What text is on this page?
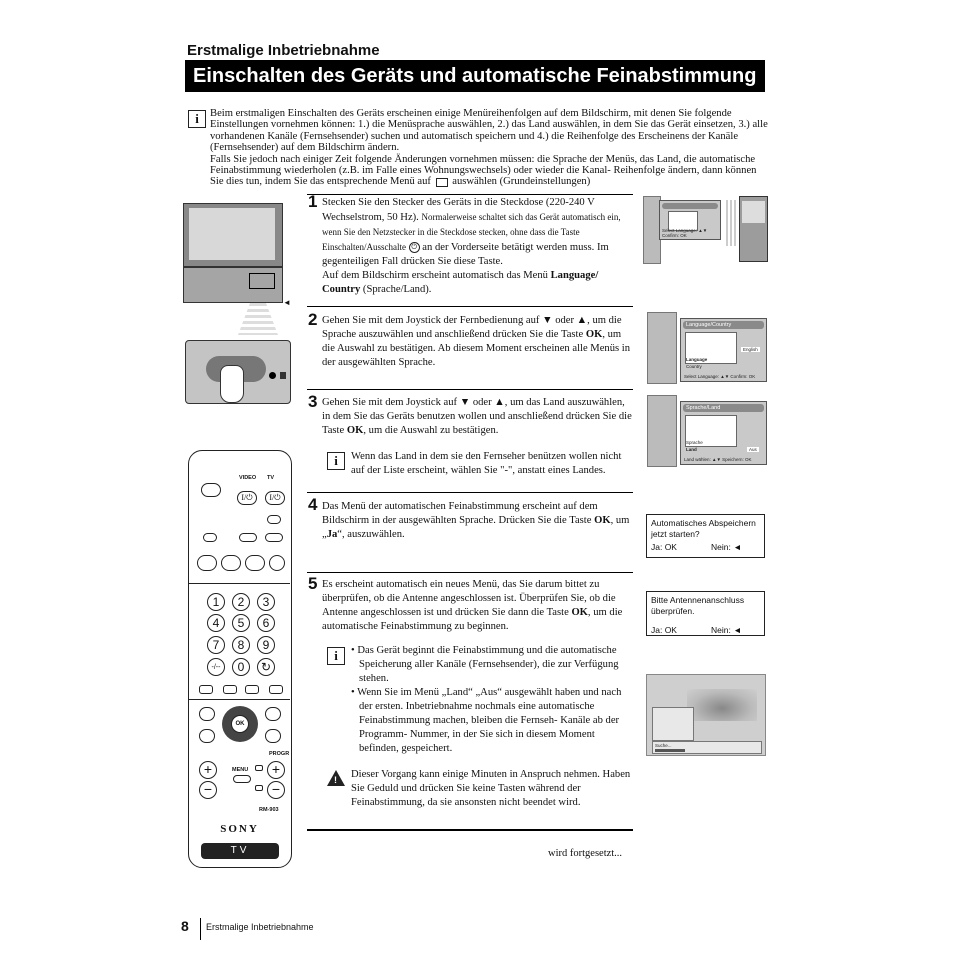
Erstmalige Inbetriebnahme
Einschalten des Geräts und automatische Feinabstimmung
i	Beim erstmaligen Einschalten des Geräts erscheinen einige Menüreihenfolgen auf dem Bildschirm, mit denen Sie folgende Einstellungen vornehmen können: 1.) die Menüsprache auswählen, 2.) das Land auswählen, in dem Sie das Gerät einsetzen, 3.) alle vorhandenen Kanäle (Fernsehsender) suchen und automatisch speichern und 4.) die Reihenfolge des Erscheinens der Kanäle (Fernsehsender) auf dem Bildschirm ändern.

Falls Sie jedoch nach einiger Zeit folgende Änderungen vornehmen müssen: die Sprache der Menüs, das Land, die automatische Feinabstimmung wiederholen (z.B. im Falle eines Wohnungswechsels) oder wieder die Kanal- Reihenfolge ändern, dann können Sie dies tun, indem Sie das entsprechende Menü auf auswählen (Grundeinstellungen)

◄
1 Stecken Sie den Stecker des Geräts in die Steckdose (220-240 V Wechselstrom, 50 Hz). Normalerweise schaltet sich das Gerät automatisch ein, wenn Sie den Netzstecker in die Steckdose stecken, ohne dass die Taste Einschalten/Ausschalte ⏻ an der Vorderseite betätigt werden muss. Im gegenteiligen Fall drücken Sie diese Taste.
Auf dem Bildschirm erscheint automatisch das Menü Language/ Country (Sprache/Land).
Select Language: ▲▼ Confirm: OK
2 Gehen Sie mit dem Joystick der Fernbedienung auf ▼ oder ▲, um die Sprache auszuwählen und anschließend drücken Sie die Taste OK, um die Auswahl zu bestätigen. Ab diesem Moment erscheinen alle Menüs in der ausgewählten Sprache.
Language/Country
Language
Country
English
Select Language: ▲▼ Confirm: OK
3 Gehen Sie mit dem Joystick auf ▼ oder ▲, um das Land auszuwählen, in dem Sie das Geräts benutzen wollen und anschließend drücken Sie die Taste OK, um die Auswahl zu bestätigen.
i	Wenn das Land in dem sie den Fernseher benützen wollen nicht auf der Liste erscheint, wählen Sie "-", anstatt eines Landes.
Sprache/Land
Sprache
Land	Aus
Land wählen: ▲▼ Speichern: OK
4 Das Menü der automatischen Feinabstimmung erscheint auf dem Bildschirm in der ausgewählten Sprache. Drücken Sie die Taste OK, um „Ja“, auszuwählen.
Automatisches Abspeichern
jetzt starten?
Ja: OK	Nein: ◄
5 Es erscheint automatisch ein neues Menü, das Sie darum bittet zu überprüfen, ob die Antenne angeschlossen ist. Überprüfen Sie, ob die Antenne angeschlossen ist und drücken Sie dann die Taste OK, um die automatische Feinabstimmung zu beginnen.
i	• Das Gerät beginnt die Feinabstimmung und die automatische Speicherung aller Kanäle (Fernsehsender), die zur Verfügung stehen.
• Wenn Sie im Menü „Land“ „Aus“ ausgewählt haben und nach der ersten. Inbetriebnahme nochmals eine automatische Feinabstimmung machen, bleiben die Fernseh- Kanäle ab der Programm- Nummer, in der Sie sich in diesem Moment befinden, gespeichert.
! Dieser Vorgang kann einige Minuten in Anspruch nehmen. Haben Sie Geduld und drücken Sie keine Tasten während der Feinabstimmung, da sie ansonsten nicht beendet wird.
Bitte Antennenanschluss
überprüfen.
Ja: OK	Nein: ◄
Suche...
VIDEO TV
I/⏻	I/⏻
1	2	3
4	5	6
7	8	9
-/--	0	↻
OK
PROGR
+
−
+
−
MENU
RM-903
SONY
TV	wird fortgesetzt...
8 Erstmalige Inbetriebnahme
